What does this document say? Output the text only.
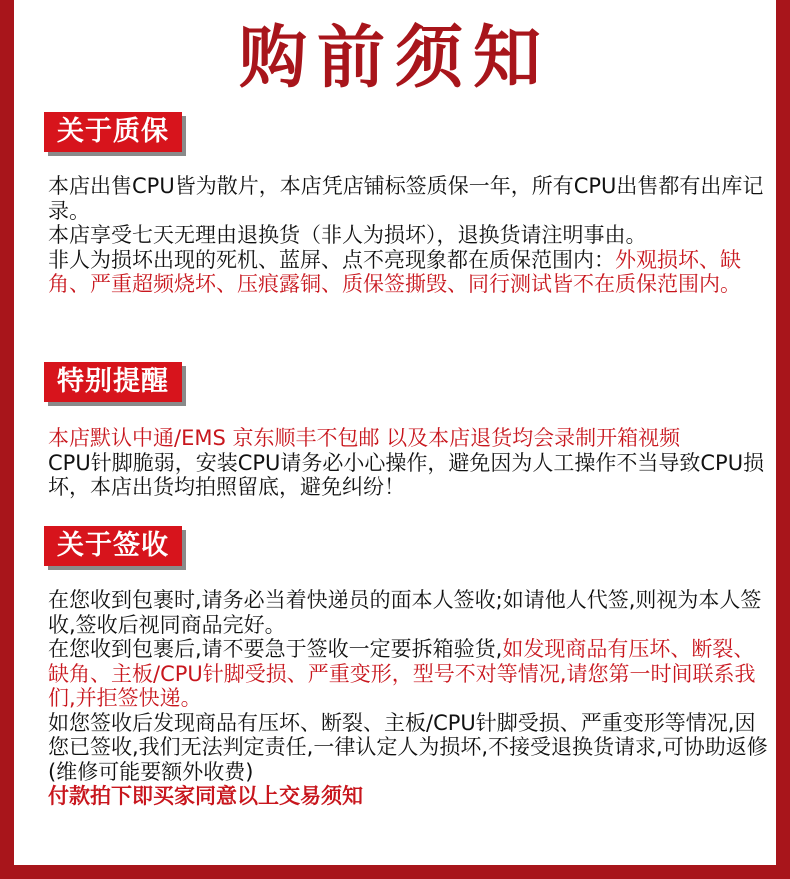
购前须知
关于质保

本店出售CPU皆为散片，本店凭店铺标签质保一年，所有CPU出售都有出库记录。

本店享受七天无理由退换货（非人为损坏），退换货请注明事由。

非人为损坏出现的死机、蓝屏、点不亮现象都在质保范围内：外观损坏、缺角、严重超频烧坏、压痕露铜、质保签撕毁、同行测试皆不在质保范围内。

特别提醒

本店默认中通/EMS 京东顺丰不包邮 以及本店退货均会录制开箱视频

CPU针脚脆弱，安装CPU请务必小心操作，避免因为人工操作不当导致CPU损坏，本店出货均拍照留底，避免纠纷！

关于签收

在您收到包裹时,请务必当着快递员的面本人签收;如请他人代签,则视为本人签收,签收后视同商品完好。

在您收到包裹后,请不要急于签收一定要拆箱验货,如发现商品有压坏、断裂、缺角、主板/CPU针脚受损、严重变形，型号不对等情况,请您第一时间联系我们,并拒签快递。

如您签收后发现商品有压坏、断裂、主板/CPU针脚受损、严重变形等情况,因您已签收,我们无法判定责任,一律认定人为损坏,不接受退换货请求,可协助返修(维修可能要额外收费)

付款拍下即买家同意以上交易须知
